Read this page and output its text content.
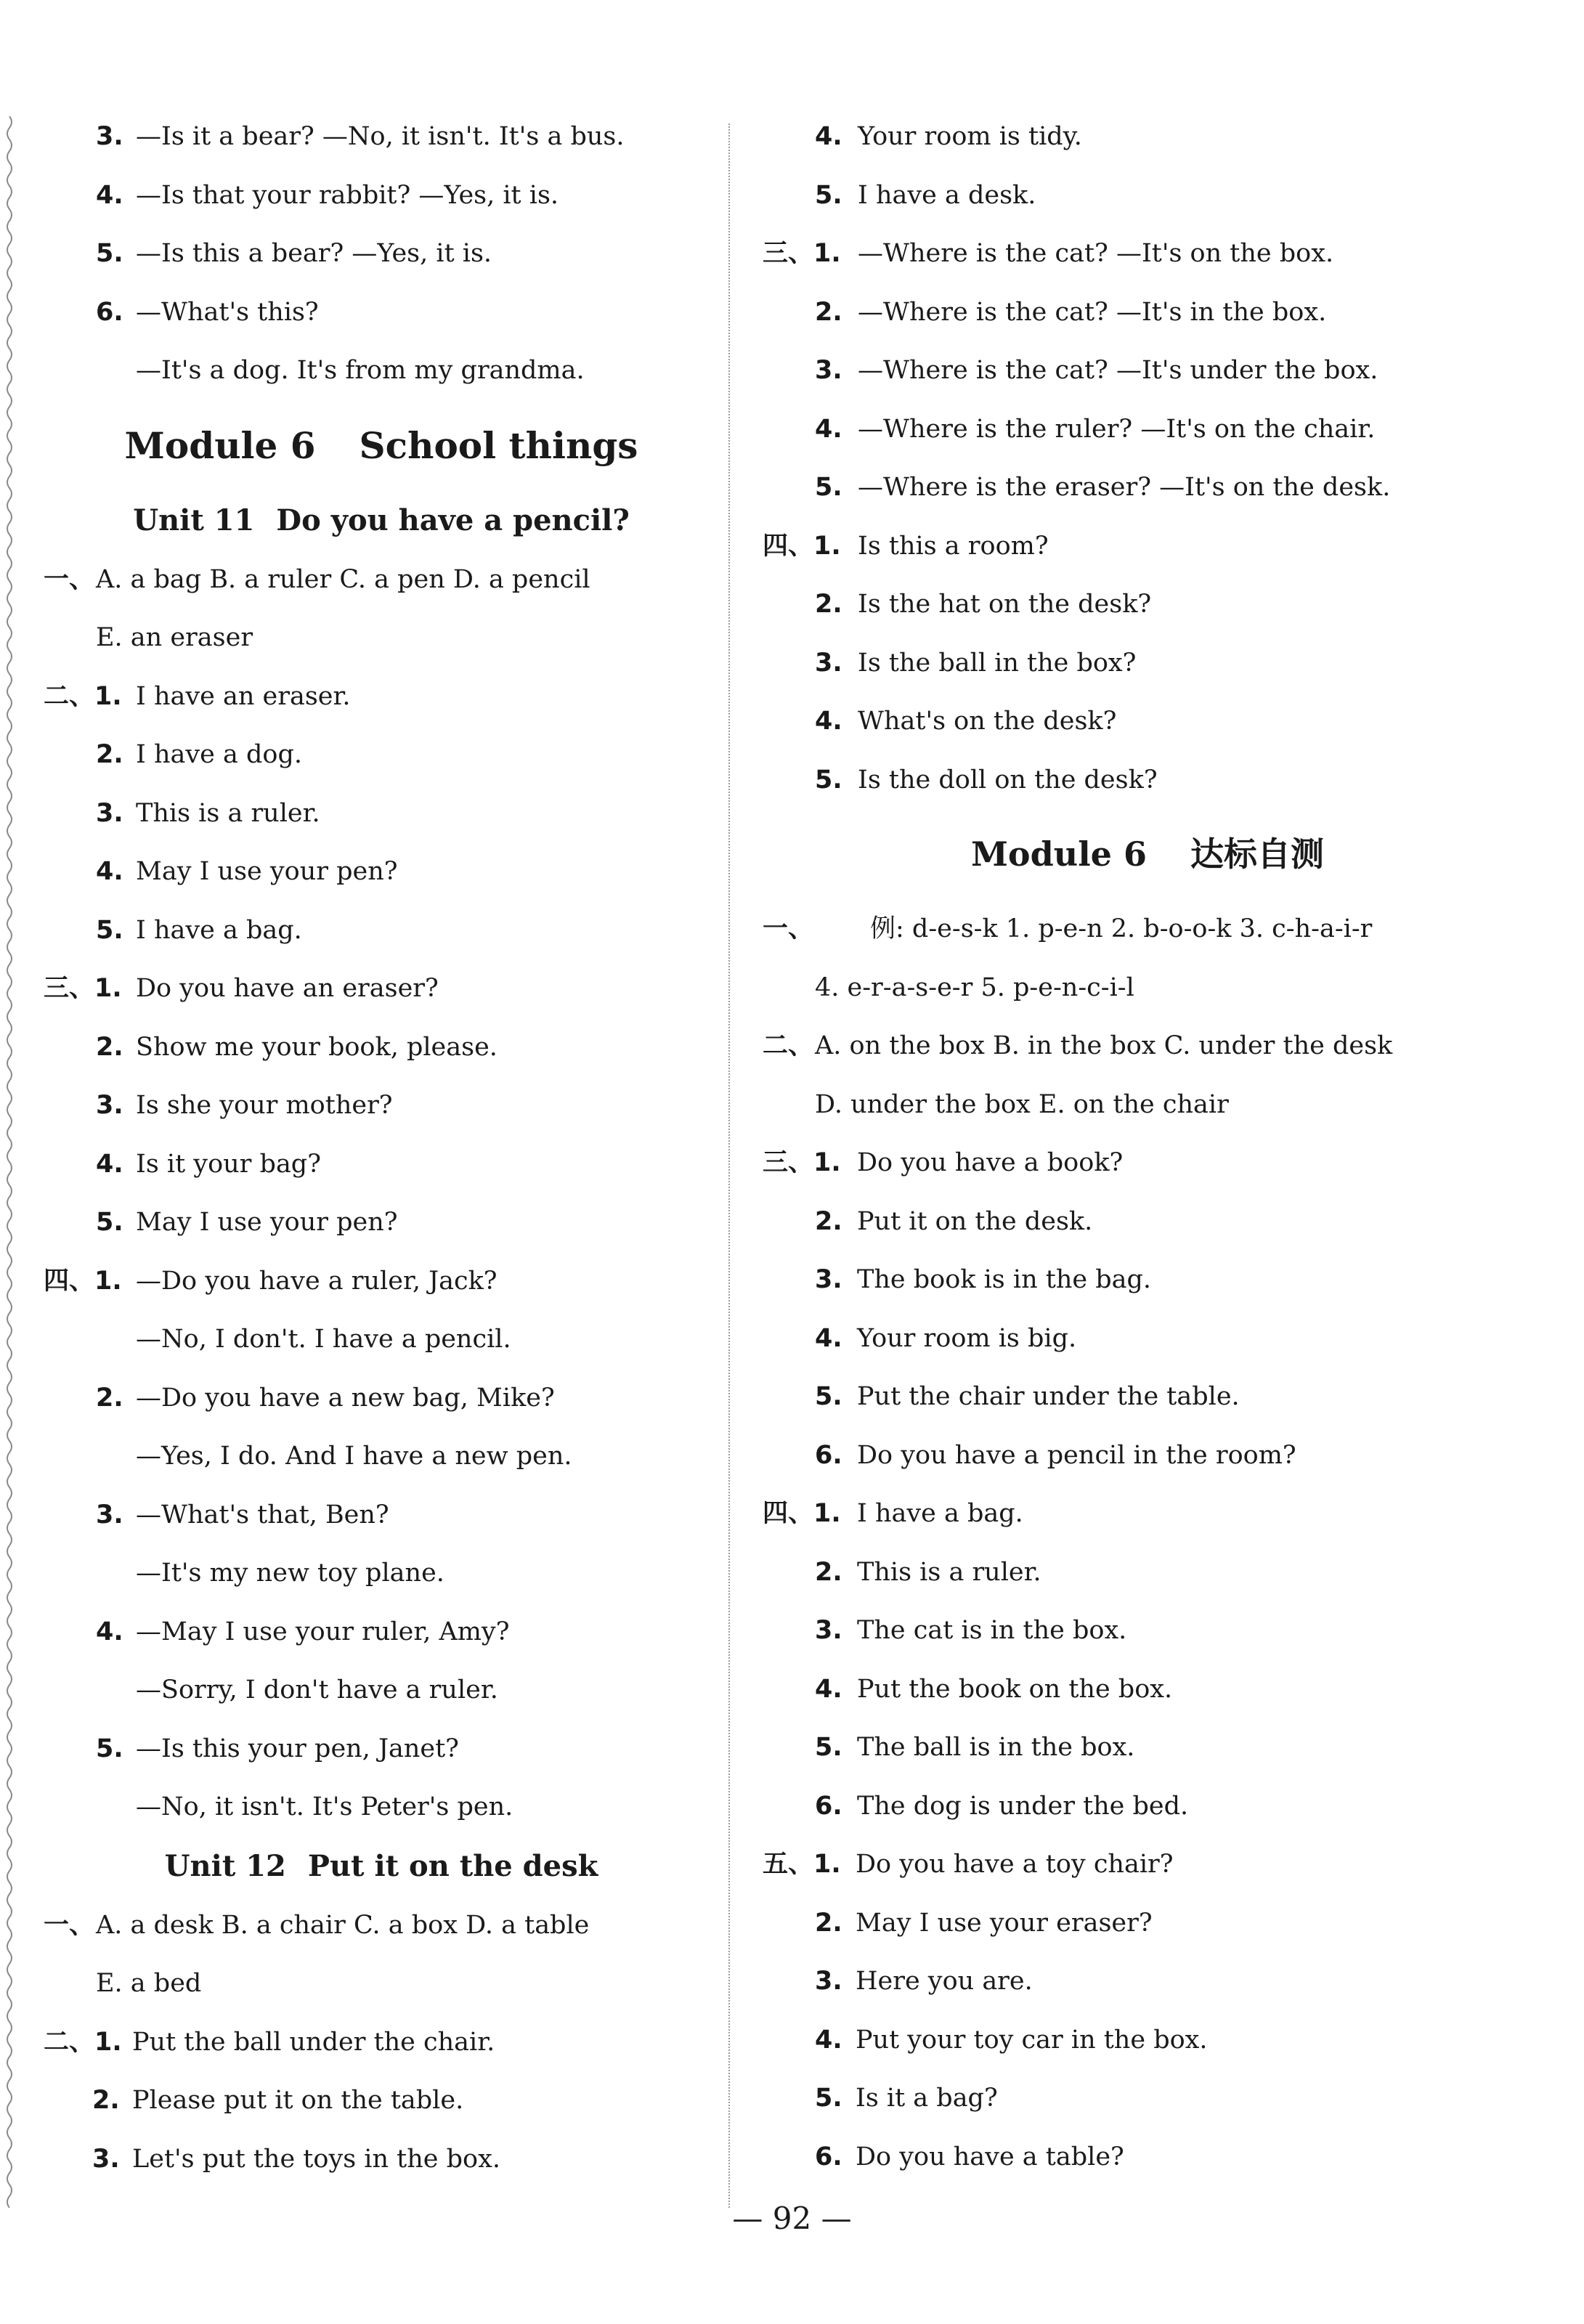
3. —Is it a bear? —No, it isn't. It's a bus.
4. —Is that your rabbit? —Yes, it is.
5. —Is this a bear? —Yes, it is.
6. —What's this?
—It's a dog. It's from my grandma.
Module 6 School things
Unit 11 Do you have a pencil?
一、 A. a bag B. a ruler C. a pen D. a pencil
E. an eraser
二、1. I have an eraser.
2. I have a dog.
3. This is a ruler.
4. May I use your pen?
5. I have a bag.
三、1. Do you have an eraser?
2. Show me your book, please.
3. Is she your mother?
4. Is it your bag?
5. May I use your pen?
四、1. —Do you have a ruler, Jack?
—No, I don't. I have a pencil.
2. —Do you have a new bag, Mike?
—Yes, I do. And I have a new pen.
3. —What's that, Ben?
—It's my new toy plane.
4. —May I use your ruler, Amy?
—Sorry, I don't have a ruler.
5. —Is this your pen, Janet?
—No, it isn't. It's Peter's pen.
Unit 12 Put it on the desk
一、 A. a desk B. a chair C. a box D. a table
E. a bed
二、1. Put the ball under the chair.
2. Please put it on the table.
3. Let's put the toys in the box.
4. Your room is tidy.
5. I have a desk.
三、1. —Where is the cat? —It's on the box.
2. —Where is the cat? —It's in the box.
3. —Where is the cat? —It's under the box.
4. —Where is the ruler? —It's on the chair.
5. —Where is the eraser? —It's on the desk.
四、1. Is this a room?
2. Is the hat on the desk?
3. Is the ball in the box?
4. What's on the desk?
5. Is the doll on the desk?
Module 6 达标自测
一、 例: d-e-s-k 1. p-e-n 2. b-o-o-k 3. c-h-a-i-r
4. e-r-a-s-e-r 5. p-e-n-c-i-l
二、 A. on the box B. in the box C. under the desk
D. under the box E. on the chair
三、1. Do you have a book?
2. Put it on the desk.
3. The book is in the bag.
4. Your room is big.
5. Put the chair under the table.
6. Do you have a pencil in the room?
四、1. I have a bag.
2. This is a ruler.
3. The cat is in the box.
4. Put the book on the box.
5. The ball is in the box.
6. The dog is under the bed.
五、1. Do you have a toy chair?
2. May I use your eraser?
3. Here you are.
4. Put your toy car in the box.
5. Is it a bag?
6. Do you have a table?
— 92 —
